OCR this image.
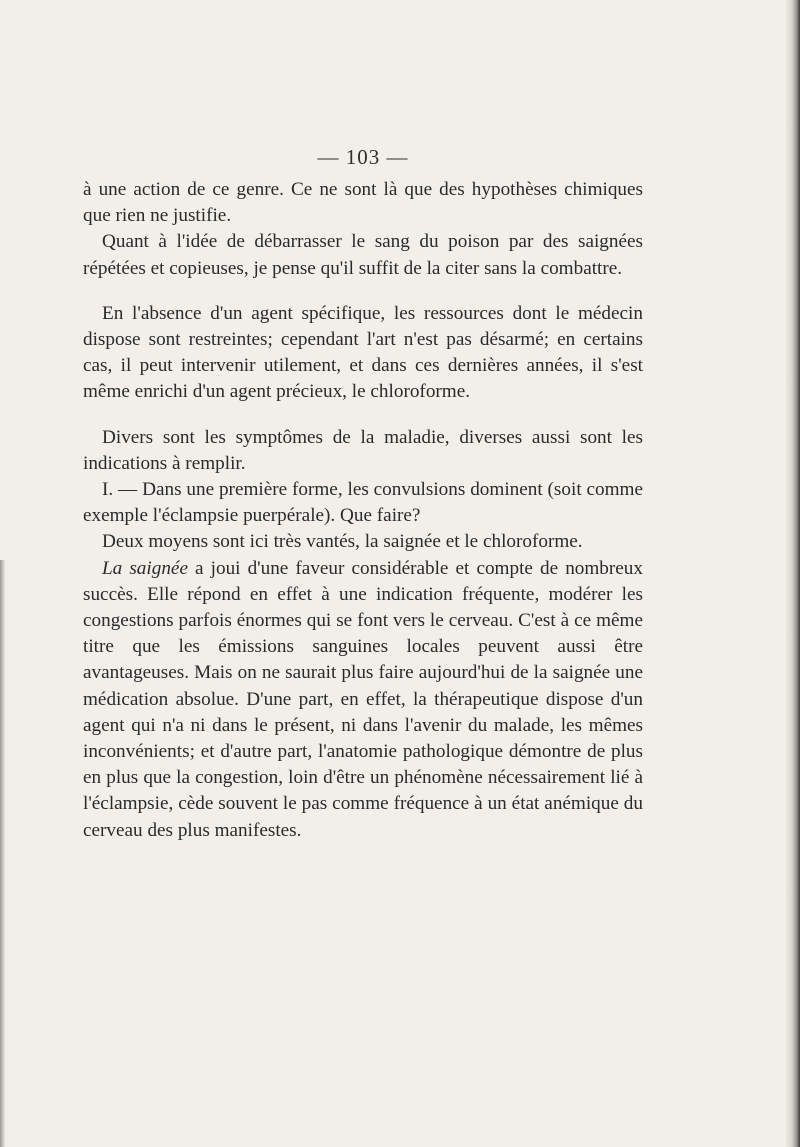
— 103 —

à une action de ce genre. Ce ne sont là que des hypothèses chimiques que rien ne justifie.

Quant à l'idée de débarrasser le sang du poison par des saignées répétées et copieuses, je pense qu'il suffit de la citer sans la combattre.

En l'absence d'un agent spécifique, les ressources dont le médecin dispose sont restreintes; cependant l'art n'est pas désarmé; en certains cas, il peut intervenir utilement, et dans ces dernières années, il s'est même enrichi d'un agent précieux, le chloroforme.

Divers sont les symptômes de la maladie, diverses aussi sont les indications à remplir.

I. — Dans une première forme, les convulsions dominent (soit comme exemple l'éclampsie puerpérale). Que faire?

Deux moyens sont ici très vantés, la saignée et le chloroforme.

La saignée a joui d'une faveur considérable et compte de nombreux succès. Elle répond en effet à une indication fréquente, modérer les congestions parfois énormes qui se font vers le cerveau. C'est à ce même titre que les émissions sanguines locales peuvent aussi être avantageuses. Mais on ne saurait plus faire aujourd'hui de la saignée une médication absolue. D'une part, en effet, la thérapeutique dispose d'un agent qui n'a ni dans le présent, ni dans l'avenir du malade, les mêmes inconvénients; et d'autre part, l'anatomie pathologique démontre de plus en plus que la congestion, loin d'être un phénomène nécessairement lié à l'éclampsie, cède souvent le pas comme fréquence à un état anémique du cerveau des plus manifestes.
